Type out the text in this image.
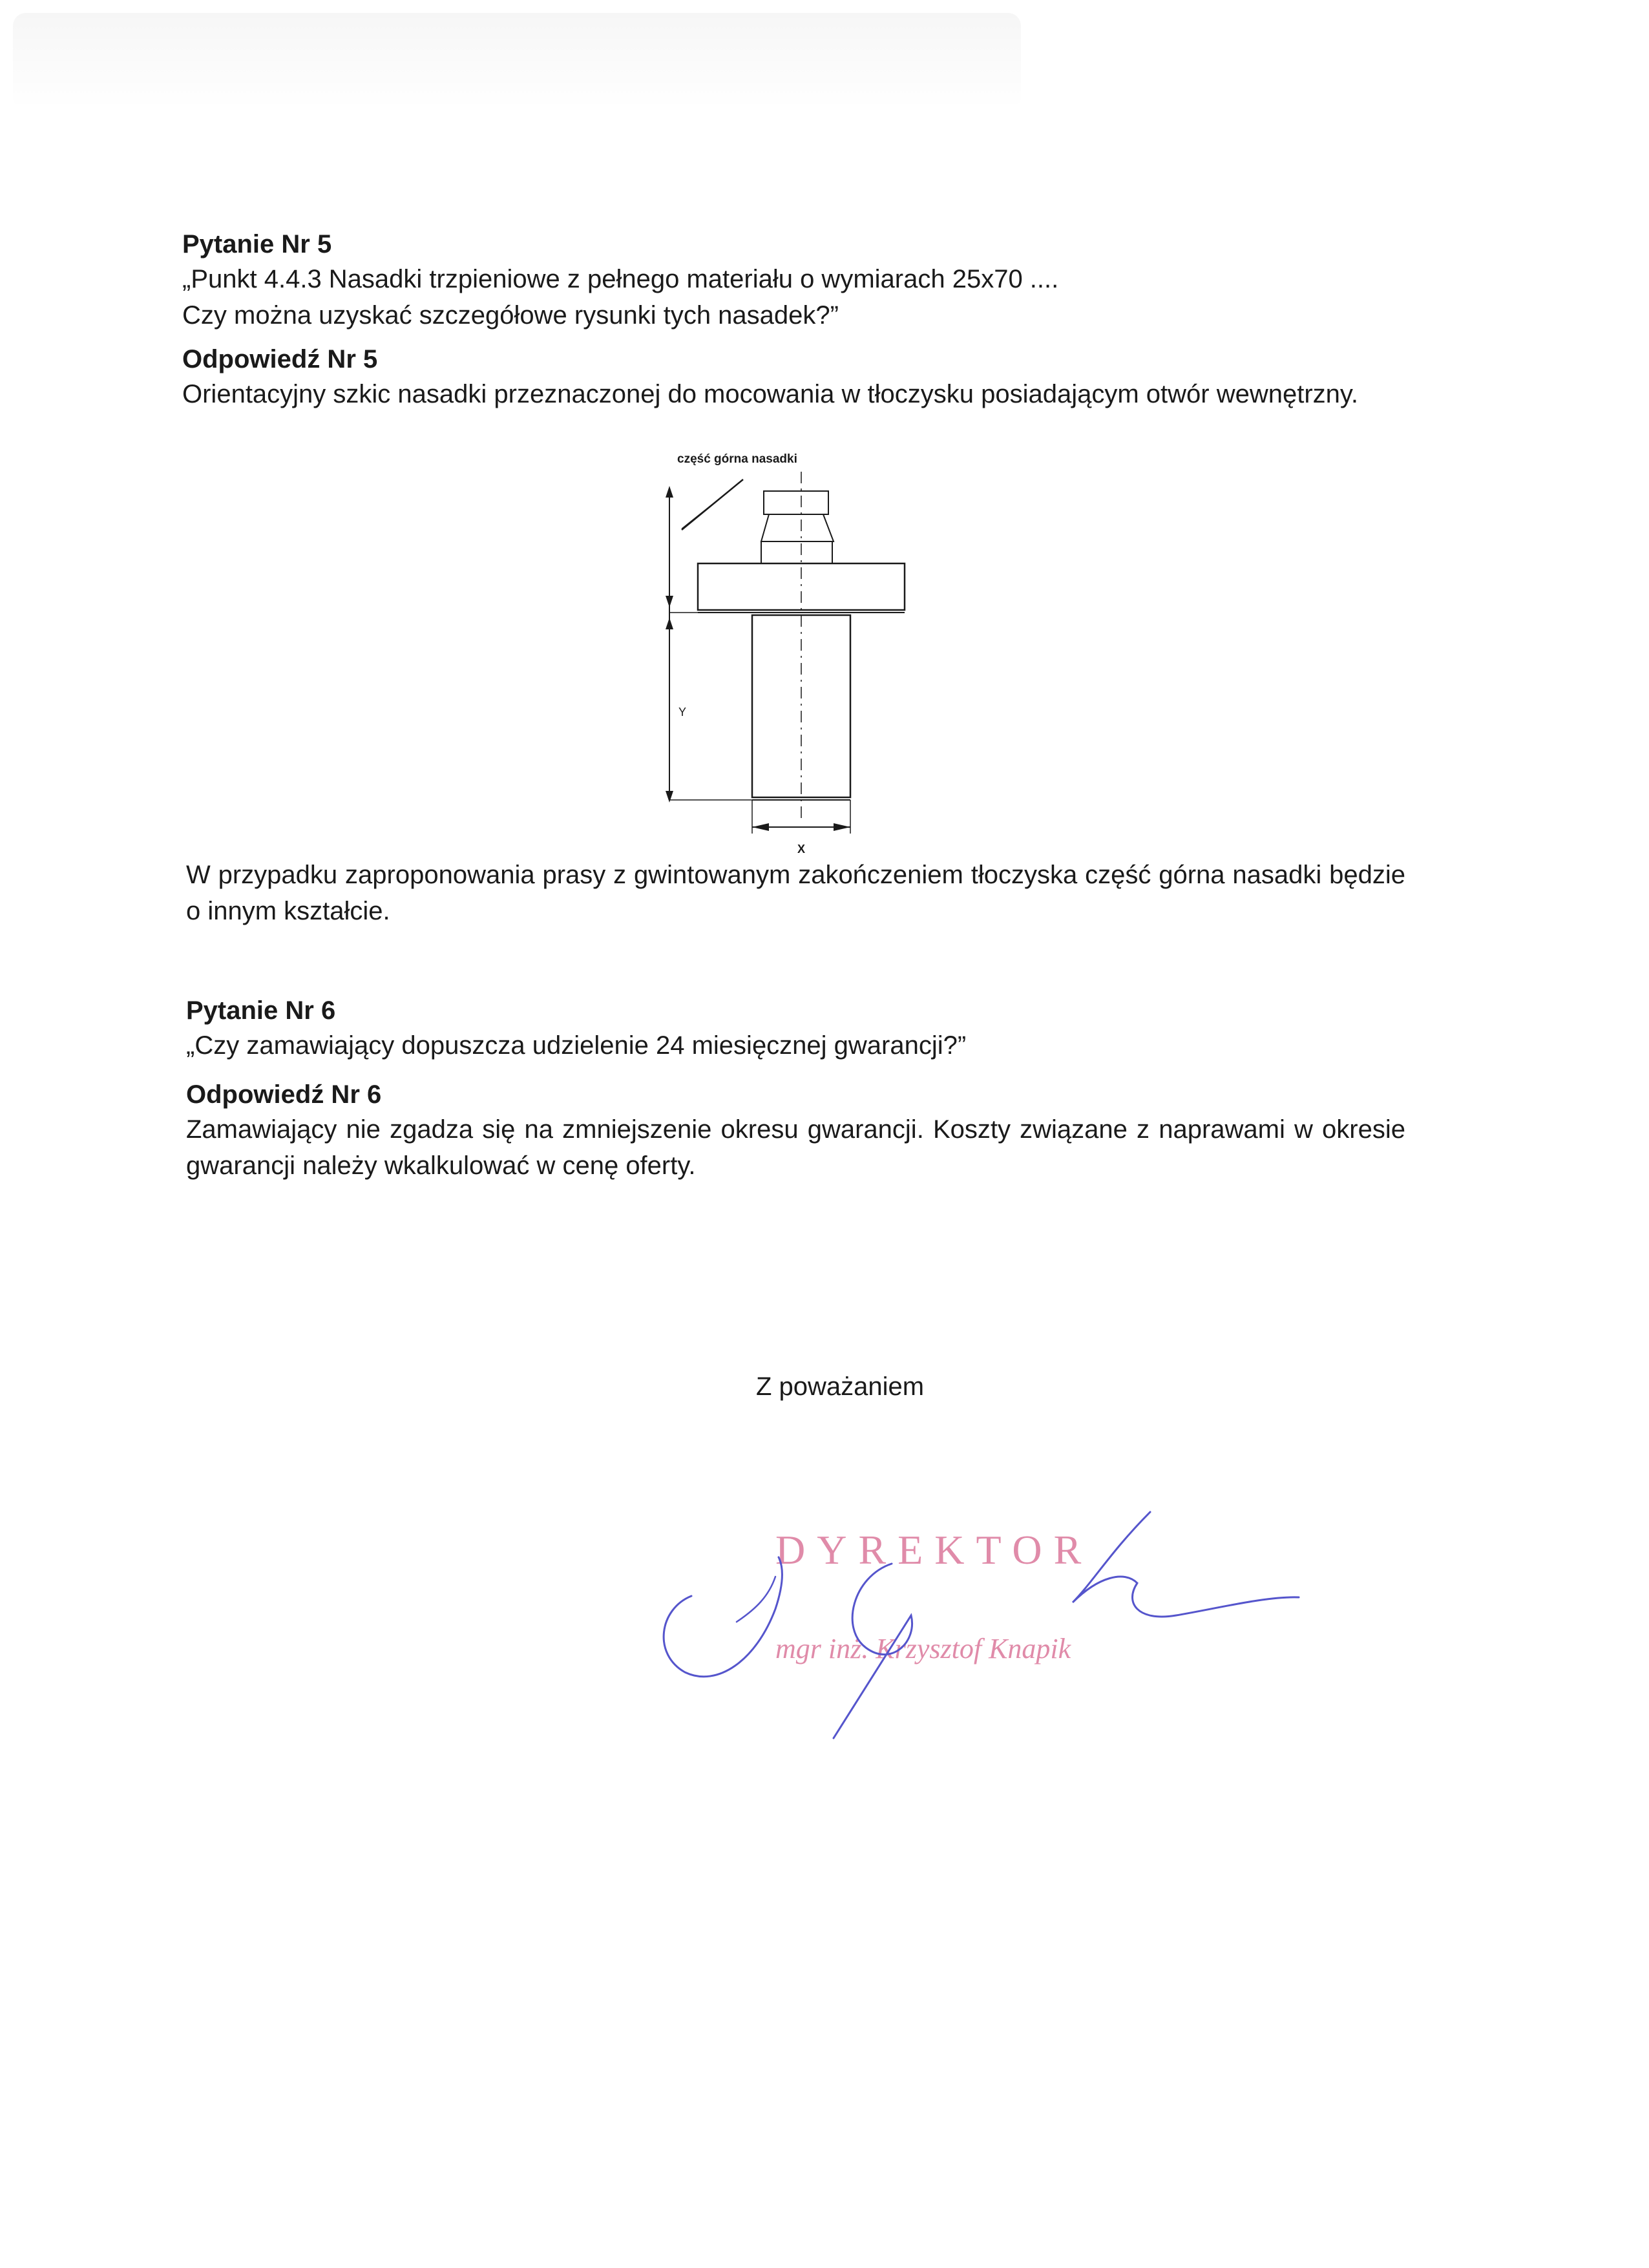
Pytanie Nr 5

„Punkt 4.4.3 Nasadki trzpieniowe z pełnego materiału o wymiarach 25x70 ....

Czy można uzyskać szczegółowe rysunki tych nasadek?”

Odpowiedź Nr 5

Orientacyjny szkic nasadki przeznaczonej do mocowania w tłoczysku posiadającym otwór wewnętrzny.

część górna nasadki
Y
X

W przypadku zaproponowania prasy z gwintowanym zakończeniem tłoczyska część górna nasadki będzie o innym kształcie.

Pytanie Nr 6

„Czy zamawiający dopuszcza udzielenie 24 miesięcznej gwarancji?”

Odpowiedź Nr 6

Zamawiający nie zgadza się na zmniejszenie okresu gwarancji. Koszty związane z naprawami w okresie gwarancji należy wkalkulować w cenę oferty.

Z poważaniem

DYREKTOR

mgr inż. Krzysztof Knapik
